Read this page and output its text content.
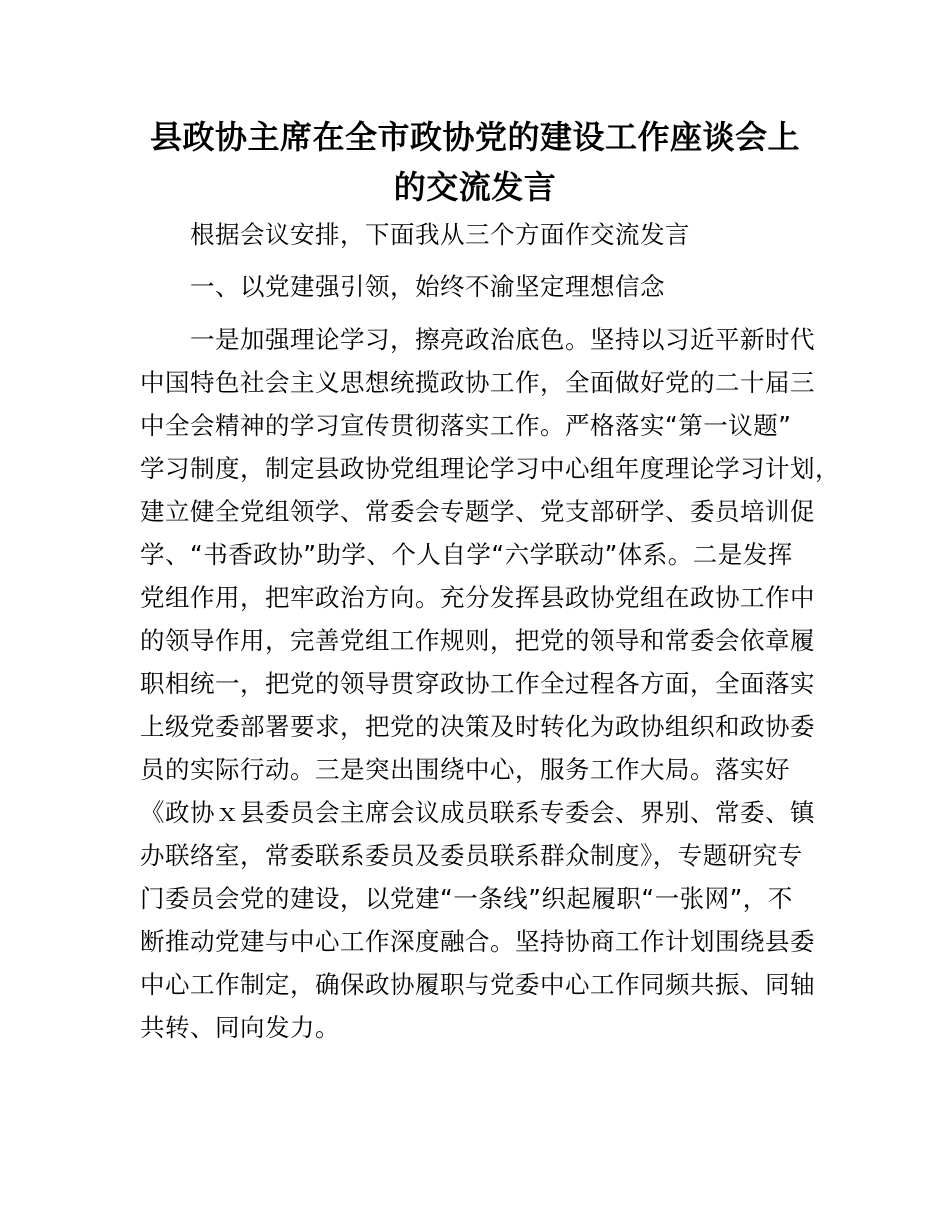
县政协主席在全市政协党的建设工作座谈会上
的交流发言
根据会议安排，下面我从三个方面作交流发言
一、以党建强引领，始终不渝坚定理想信念
一是加强理论学习，擦亮政治底色。坚持以习近平新时代
中国特色社会主义思想统揽政协工作，全面做好党的二十届三
中全会精神的学习宣传贯彻落实工作。严格落实“第一议题”
学习制度，制定县政协党组理论学习中心组年度理论学习计划，
建立健全党组领学、常委会专题学、党支部研学、委员培训促
学、“书香政协”助学、个人自学“六学联动”体系。二是发挥
党组作用，把牢政治方向。充分发挥县政协党组在政协工作中
的领导作用，完善党组工作规则，把党的领导和常委会依章履
职相统一，把党的领导贯穿政协工作全过程各方面，全面落实
上级党委部署要求，把党的决策及时转化为政协组织和政协委
员的实际行动。三是突出围绕中心，服务工作大局。落实好
《政协ｘ县委员会主席会议成员联系专委会、界别、常委、镇
办联络室，常委联系委员及委员联系群众制度》，专题研究专
门委员会党的建设，以党建“一条线”织起履职“一张网”，不
断推动党建与中心工作深度融合。坚持协商工作计划围绕县委
中心工作制定，确保政协履职与党委中心工作同频共振、同轴
共转、同向发力。
